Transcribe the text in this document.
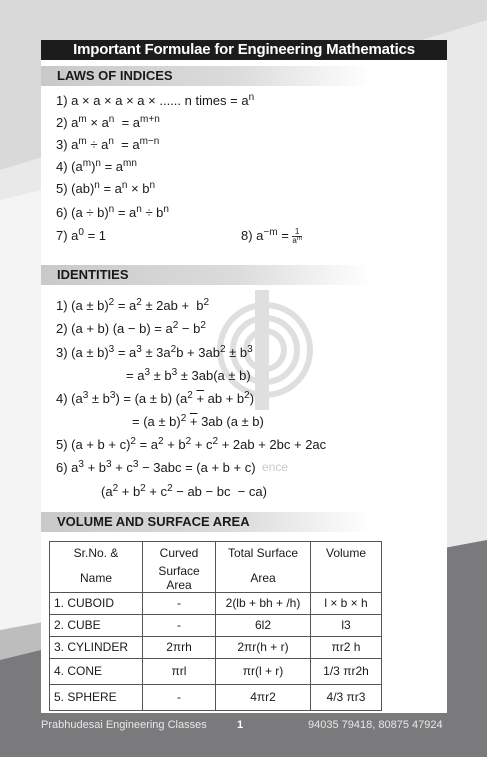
Important Formulae for Engineering Mathematics
ence
LAWS OF INDICES
1) a × a × a × a × ...... n times = $a^n$
2) $a^m \times a^n = a^{m+n}$
3) $a^m \div a^n = a^{m-n}$
4) $(a^m)^n = a^{mn}$
5) $(ab)^n = a^n \times b^n$
6) $(a \div b)^n = a^n \div b^n$
7) $a^0 = 1$	8) $a^{-m} = \frac{1}{a^m}$
IDENTITIES
1) $(a \pm b)^2 = a^2 \pm 2ab + b^2$
2) (a + b) $(a - b) = a^2 - b^2$
3) $(a \pm b)^3 = a^3 \pm 3a^2b + 3ab^2 \pm b^3$
= $a^3 \pm b^3 \pm 3ab(a \pm b)$
4) $(a^3 \pm b^3) = (a \pm b) (a^2$ + ab + $b^2$)
= $(a \pm b)^2 + 3ab$ (a ± b)
5) $(a + b + c)^2 = a^2 + b^2 + c^2 + 2ab + 2bc + 2ac$
6) $a^3 + b^3 + c^3 - 3abc = (a + b + c)$
($a^2 + b^2 + c^2$ − ab − bc  − ca)
VOLUME AND SURFACE AREA
Sr.No. &	Curved	Total Surface	Volume
Name	Surface Area	Area	
1. CUBOID	-	2(lb + bh + /h)	l × b × h
2. CUBE	-	6l2	l3
3. CYLINDER	2πrh	2πr(h + r)	πr2 h
4. CONE	πrl	πr(l + r)	1/3 πr2h
5. SPHERE	-	4πr2	4/3 πr3
Prabhudesai Engineering Classes	1	94035 79418, 80875 47924
